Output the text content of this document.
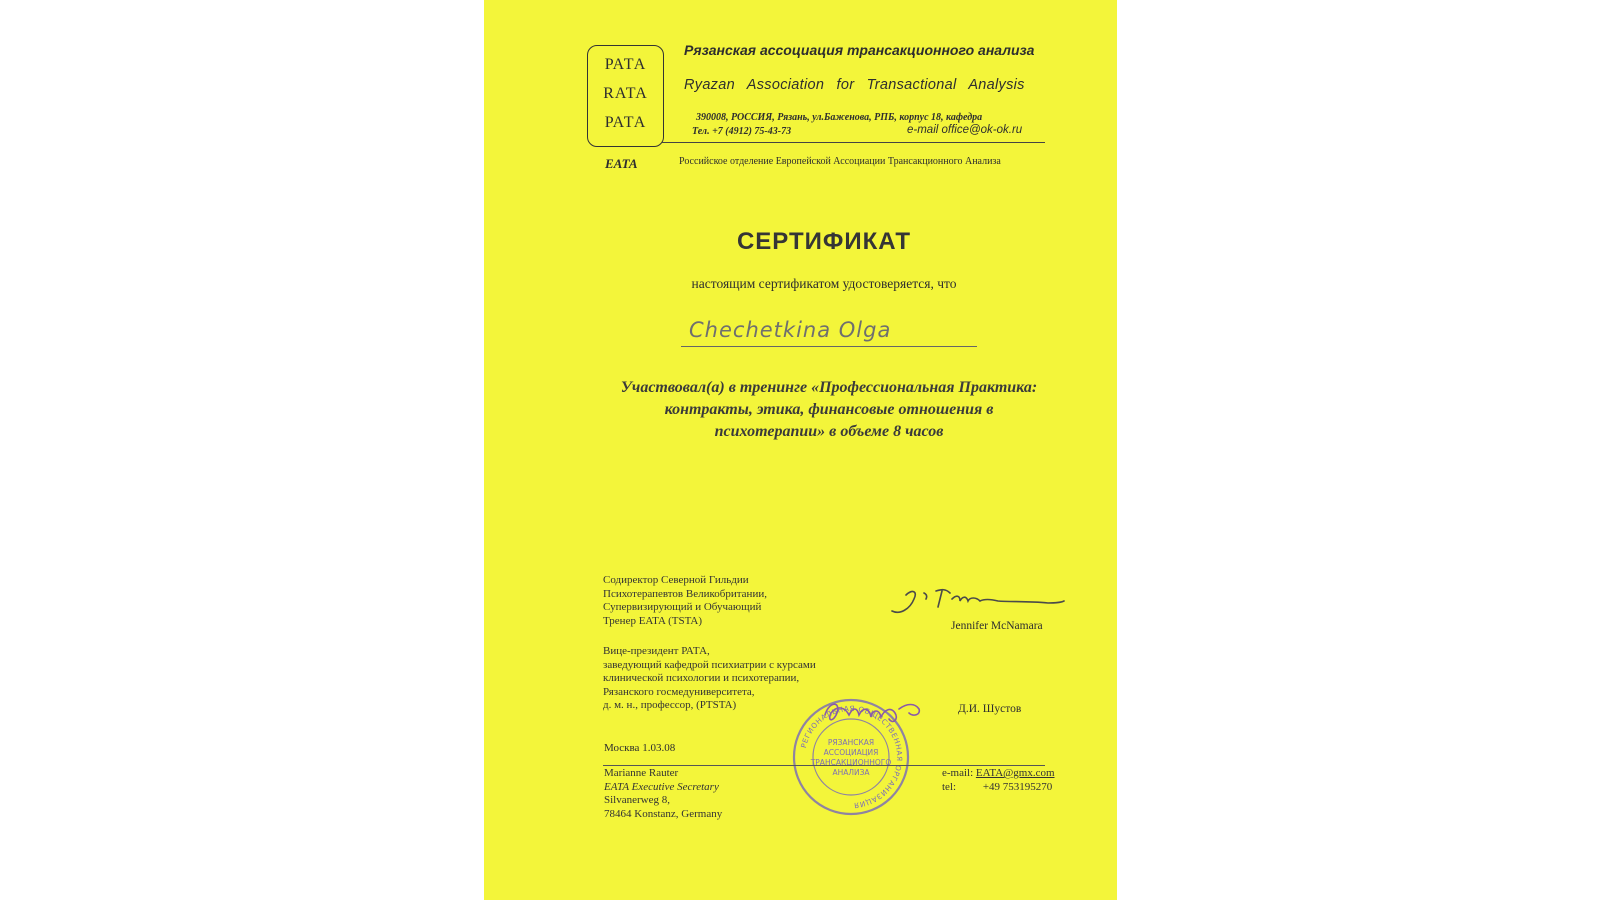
РАТА
RATA
РАТА
EATA
Рязанская ассоциация трансакционного анализа
Ryazan Association for Transactional Analysis
390008, РОССИЯ, Рязань, ул.Баженова, РПБ, корпус 18, кафедра
Тел. +7 (4912) 75-43-73	e-mail office@ok-ok.ru
Российское отделение Европейской Ассоциации Трансакционного Анализа
СЕРТИФИКАТ
настоящим сертификатом удостоверяется, что
Chechetkina Olga
Участвовал(а) в тренинге «Профессиональная Практика:
контракты, этика, финансовые отношения в
психотерапии» в объеме 8 часов
Содиректор Северной Гильдии
Психотерапевтов Великобритании,
Супервизирующий и Обучающий
Тренер EATA (TSTA)	Jennifer McNamara
Вице-президент РАТА,
заведующий кафедрой психиатрии с курсами
клинической психологии и психотерапии,
Рязанского госмедуниверситета,
д. м. н., профессор, (PTSTA)
РЕГИОНАЛЬНАЯ ОБЩЕСТВЕННАЯ ОРГАНИЗАЦИЯ
РЯЗАНСКАЯ
АССОЦИАЦИЯ
ТРАНСАКЦИОННОГО
АНАЛИЗА
Д.И. Шустов
Москва 1.03.08
Marianne Rauter
EATA Executive Secretary
Silvanerweg 8,
78464 Konstanz, Germany
e-mail: EATA@gmx.com
tel: +49 753195270
